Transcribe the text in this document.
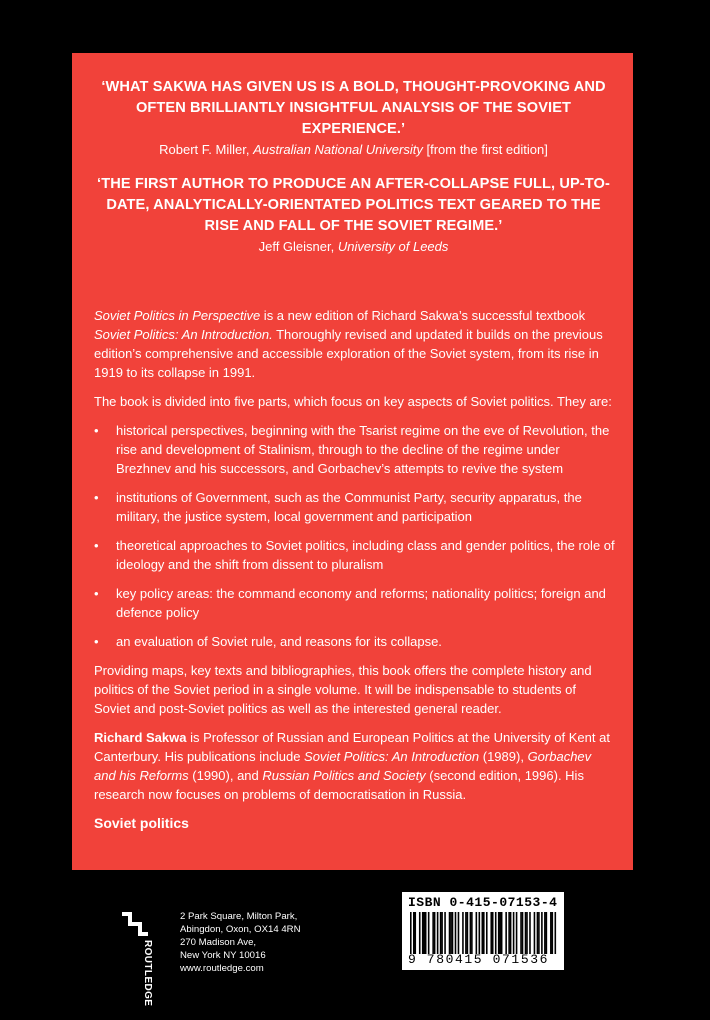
‘WHAT SAKWA HAS GIVEN US IS A BOLD, THOUGHT-PROVOKING AND OFTEN BRILLIANTLY INSIGHTFUL ANALYSIS OF THE SOVIET EXPERIENCE.’

Robert F. Miller, Australian National University [from the first edition]

‘THE FIRST AUTHOR TO PRODUCE AN AFTER-COLLAPSE FULL, UP-TO-DATE, ANALYTICALLY-ORIENTATED POLITICS TEXT GEARED TO THE RISE AND FALL OF THE SOVIET REGIME.’

Jeff Gleisner, University of Leeds

Soviet Politics in Perspective is a new edition of Richard Sakwa’s successful textbook Soviet Politics: An Introduction. Thoroughly revised and updated it builds on the previous edition’s comprehensive and accessible exploration of the Soviet system, from its rise in 1919 to its collapse in 1991.

The book is divided into five parts, which focus on key aspects of Soviet politics. They are:

• historical perspectives, beginning with the Tsarist regime on the eve of Revolution, the rise and development of Stalinism, through to the decline of the regime under Brezhnev and his successors, and Gorbachev’s attempts to revive the system
• institutions of Government, such as the Communist Party, security apparatus, the military, the justice system, local government and participation
• theoretical approaches to Soviet politics, including class and gender politics, the role of ideology and the shift from dissent to pluralism
• key policy areas: the command economy and reforms; nationality politics; foreign and defence policy
• an evaluation of Soviet rule, and reasons for its collapse.

Providing maps, key texts and bibliographies, this book offers the complete history and politics of the Soviet period in a single volume. It will be indispensable to students of Soviet and post-Soviet politics as well as the interested general reader.

Richard Sakwa is Professor of Russian and European Politics at the University of Kent at Canterbury. His publications include Soviet Politics: An Introduction (1989), Gorbachev and his Reforms (1990), and Russian Politics and Society (second edition, 1996). His research now focuses on problems of democratisation in Russia.

Soviet politics
ROUTLEDGE
2 Park Square, Milton Park,
Abingdon, Oxon, OX14 4RN
270 Madison Ave,
New York NY 10016
www.routledge.com
ISBN 0-415-07153-4
9 780415 071536
